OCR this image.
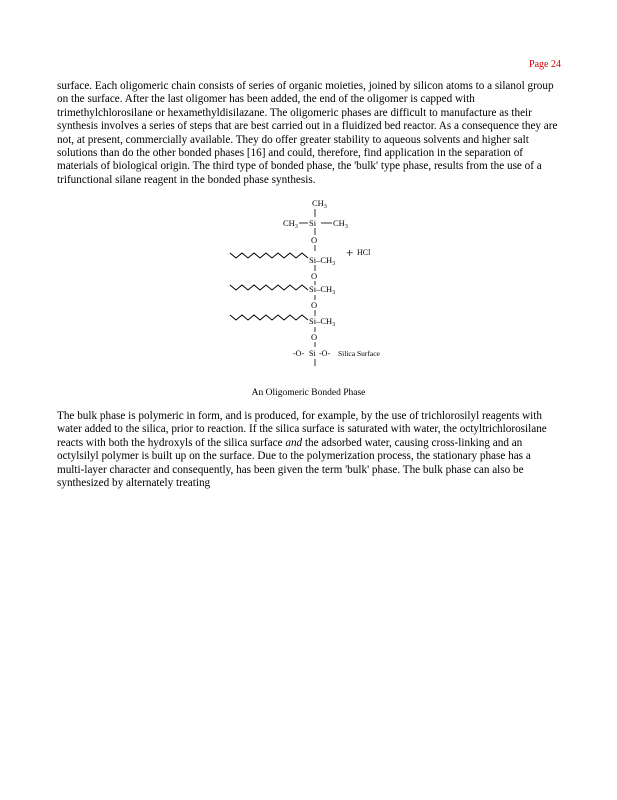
Page 24

surface. Each oligomeric chain consists of series of organic moieties, joined by silicon atoms to a silanol group on the surface. After the last oligomer has been added, the end of the oligomer is capped with trimethylchlorosilane or hexamethyldisilazane. The oligomeric phases are difficult to manufacture as their synthesis involves a series of steps that are best carried out in a fluidized bed reactor. As a consequence they are not, at present, commercially available. They do offer greater stability to aqueous solvents and higher salt solutions than do the other bonded phases [16] and could, therefore, find application in the separation of materials of biological origin. The third type of bonded phase, the 'bulk' type phase, results from the use of a trifunctional silane reagent in the bonded phase synthesis.

$CH_3$
$CH_3$ Si $CH_3$
O
$Si-CH_3$
+ HCl
O
$Si-CH_3$
O
$Si-CH_3$
O
-O- Si -O- Silica Surface
An Oligomeric Bonded Phase

The bulk phase is polymeric in form, and is produced, for example, by the use of trichlorosilyl reagents with water added to the silica, prior to reaction. If the silica surface is saturated with water, the octyltrichlorosilane reacts with both the hydroxyls of the silica surface and the adsorbed water, causing cross-linking and an octylsilyl polymer is built up on the surface. Due to the polymerization process, the stationary phase has a multi-layer character and consequently, has been given the term 'bulk' phase. The bulk phase can also be synthesized by alternately treating
